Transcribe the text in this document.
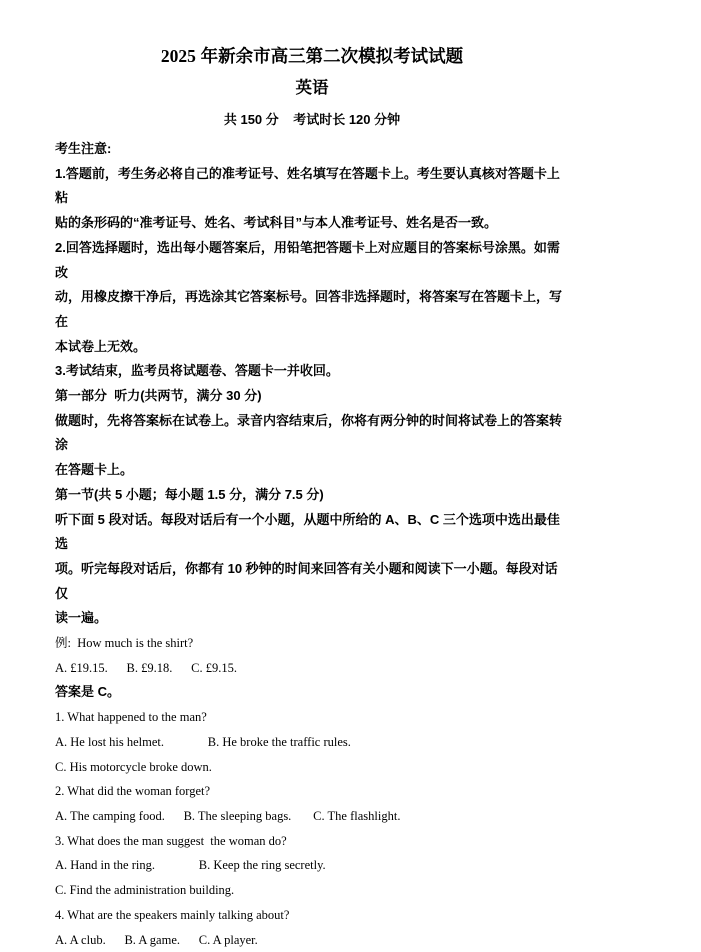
2025 年新余市高三第二次模拟考试试题
英语
共 150 分    考试时长 120 分钟
考生注意:
1.答题前，考生务必将自己的准考证号、姓名填写在答题卡上。考生要认真核对答题卡上粘
贴的条形码的“准考证号、姓名、考试科目”与本人准考证号、姓名是否一致。
2.回答选择题时，选出每小题答案后，用铅笔把答题卡上对应题目的答案标号涂黑。如需改
动，用橡皮擦干净后，再选涂其它答案标号。回答非选择题时，将答案写在答题卡上，写在
本试卷上无效。
3.考试结束，监考员将试题卷、答题卡一并收回。
第一部分  听力(共两节，满分 30 分)
做题时，先将答案标在试卷上。录音内容结束后，你将有两分钟的时间将试卷上的答案转涂
在答题卡上。
第一节(共 5 小题；每小题 1.5 分，满分 7.5 分)
听下面 5 段对话。每段对话后有一个小题，从题中所给的 A、B、C 三个选项中选出最佳选
项。听完每段对话后，你都有 10 秒钟的时间来回答有关小题和阅读下一小题。每段对话仅
读一遍。
例:  How much is the shirt?
A. £19.15.      B. £9.18.      C. £9.15.
答案是 C。
1. What happened to the man?
A. He lost his helmet.              B. He broke the traffic rules.
C. His motorcycle broke down.
2. What did the woman forget?
A. The camping food.      B. The sleeping bags.       C. The flashlight.
3. What does the man suggest  the woman do?
A. Hand in the ring.              B. Keep the ring secretly.
C. Find the administration building.
4. What are the speakers mainly talking about?
A. A club.      B. A game.      C. A player.
